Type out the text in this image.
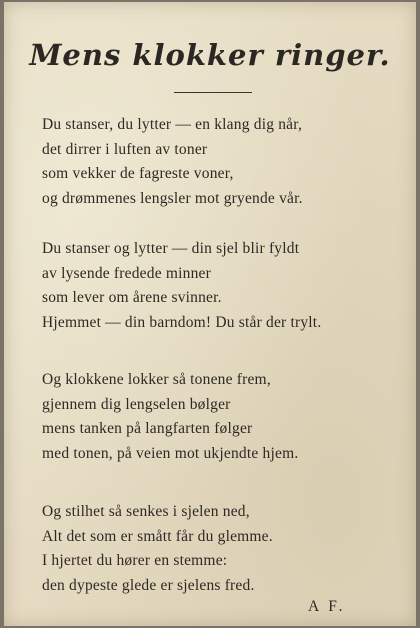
Mens klokker ringer.
Du stanser, du lytter — en klang dig når,
det dirrer i luften av toner
som vekker de fagreste voner,
og drømmenes lengsler mot gryende vår.
Du stanser og lytter — din sjel blir fyldt
av lysende fredede minner
som lever om årene svinner.
Hjemmet — din barndom! Du står der trylt.
Og klokkene lokker så tonene frem,
gjennem dig lengselen bølger
mens tanken på langfarten følger
med tonen, på veien mot ukjendte hjem.
Og stilhet så senkes i sjelen ned,
Alt det som er smått får du glemme.
I hjertet du hører en stemme:
den dypeste glede er sjelens fred.
A F.
